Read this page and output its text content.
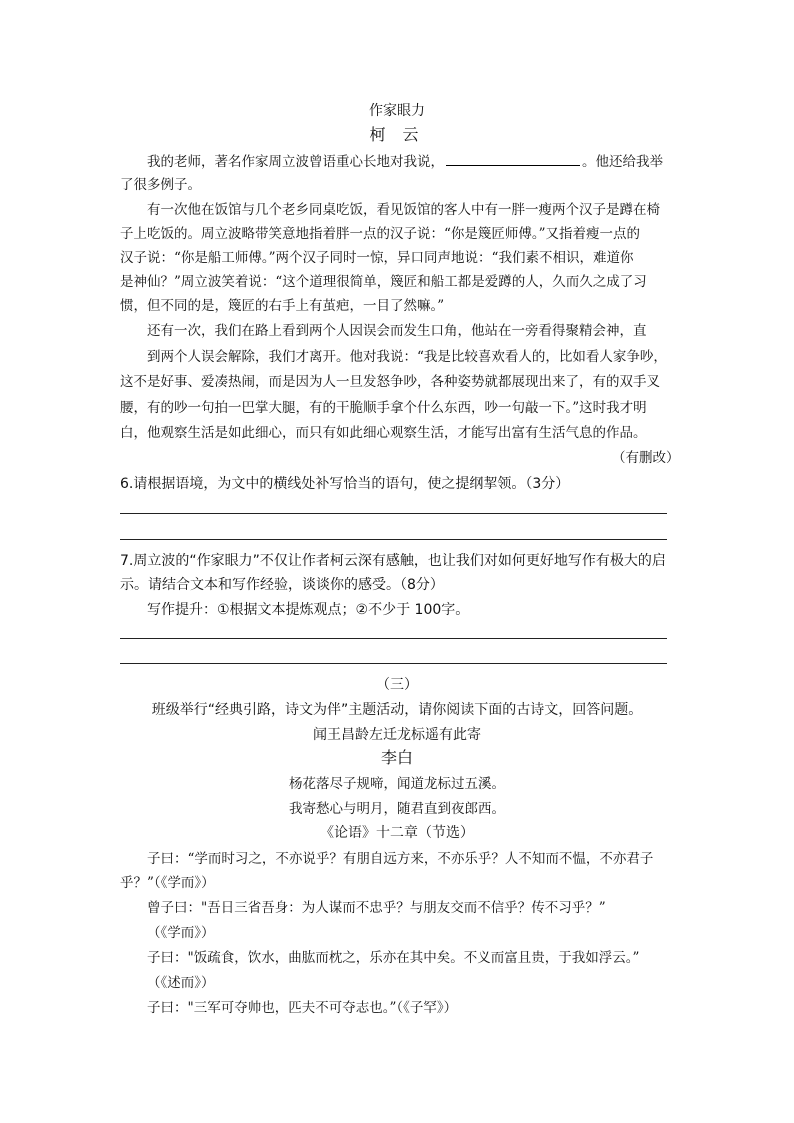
作家眼力
柯 云
我的老师，著名作家周立波曾语重心长地对我说，	。他还给我举
了很多例子。
有一次他在饭馆与几个老乡同桌吃饭，看见饭馆的客人中有一胖一瘦两个汉子是蹲在椅
子上吃饭的。周立波略带笑意地指着胖一点的汉子说：“你是篾匠师傅。”又指着瘦一点的
汉子说：“你是船工师傅。”两个汉子同时一惊，异口同声地说：“我们素不相识，难道你
是神仙？”周立波笑着说：“这个道理很简单，篾匠和船工都是爱蹲的人，久而久之成了习
惯，但不同的是，篾匠的右手上有茧疤，一目了然嘛。”
还有一次，我们在路上看到两个人因误会而发生口角，他站在一旁看得聚精会神，直
到两个人误会解除，我们才离开。他对我说：“我是比较喜欢看人的，比如看人家争吵，
这不是好事、爱凑热闹，而是因为人一旦发怒争吵，各种姿势就都展现出来了，有的双手叉
腰，有的吵一句拍一巴掌大腿，有的干脆顺手拿个什么东西，吵一句敲一下。”这时我才明
白，他观察生活是如此细心，而只有如此细心观察生活，才能写出富有生活气息的作品。
（有删改）
6.请根据语境，为文中的横线处补写恰当的语句，使之提纲挈领。（3分）
7.周立波的“作家眼力”不仅让作者柯云深有感触，也让我们对如何更好地写作有极大的启
示。请结合文本和写作经验，谈谈你的感受。（8分）
写作提升：①根据文本提炼观点；②不少于 100字。
（三）
班级举行“经典引路，诗文为伴”主题活动，请你阅读下面的古诗文，回答问题。
闻王昌龄左迁龙标遥有此寄
李白
杨花落尽子规啼，闻道龙标过五溪。
我寄愁心与明月，随君直到夜郎西。
《论语》十二章（节选）
子曰：“学而时习之，不亦说乎？有朋自远方来，不亦乐乎？人不知而不愠，不亦君子
乎？”（《学而》）
曾子曰："吾日三省吾身：为人谋而不忠乎？与朋友交而不信乎？传不习乎？”
（《学而》）
子曰："饭疏食，饮水，曲肱而枕之，乐亦在其中矣。不义而富且贵，于我如浮云。”
（《述而》）
子曰："三军可夺帅也，匹夫不可夺志也。”（《子罕》）
